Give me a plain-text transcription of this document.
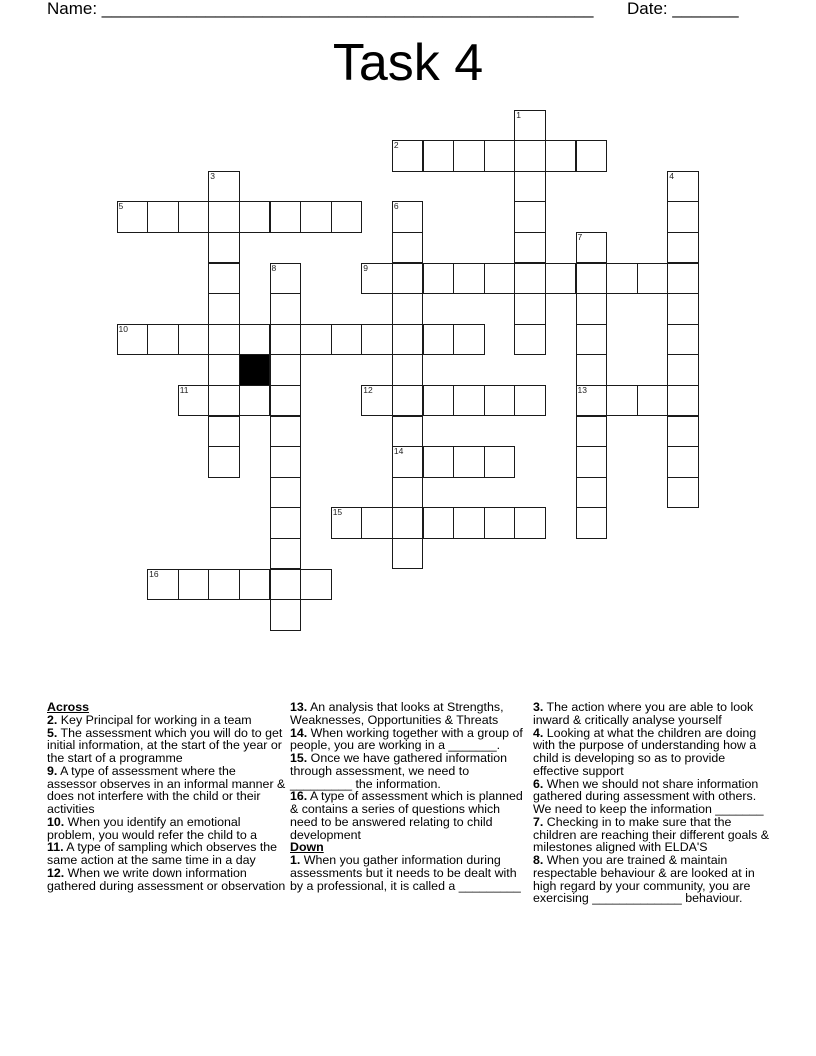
Name: ____________________________________________________ Date: _______
Task 4
1
2
3	4
5	6
14
7
13
8	9
10
11	12
15
16

Across

2. Key Principal for working in a team

5. The assessment which you will do to get initial information, at the start of the year or the start of a programme

9. A type of assessment where the assessor observes in an informal manner & does not interfere with the child or their activities

10. When you identify an emotional problem, you would refer the child to a

11. A type of sampling which observes the same action at the same time in a day

12. When we write down information gathered during assessment or observation

13. An analysis that looks at Strengths, Weaknesses, Opportunities & Threats

14. When working together with a group of people, you are working in a _______.

15. Once we have gathered information through assessment, we need to _________ the information.

16. A type of assessment which is planned & contains a series of questions which need to be answered relating to child development

Down

1. When you gather information during assessments but it needs to be dealt with by a professional, it is called a _________

3. The action where you are able to look inward & critically analyse yourself

4. Looking at what the children are doing with the purpose of understanding how a child is developing so as to provide effective support

6. When we should not share information gathered during assessment with others. We need to keep the information _______

7. Checking in to make sure that the children are reaching their different goals & milestones aligned with ELDA'S

8. When you are trained & maintain respectable behaviour & are looked at in high regard by your community, you are exercising _____________ behaviour.
